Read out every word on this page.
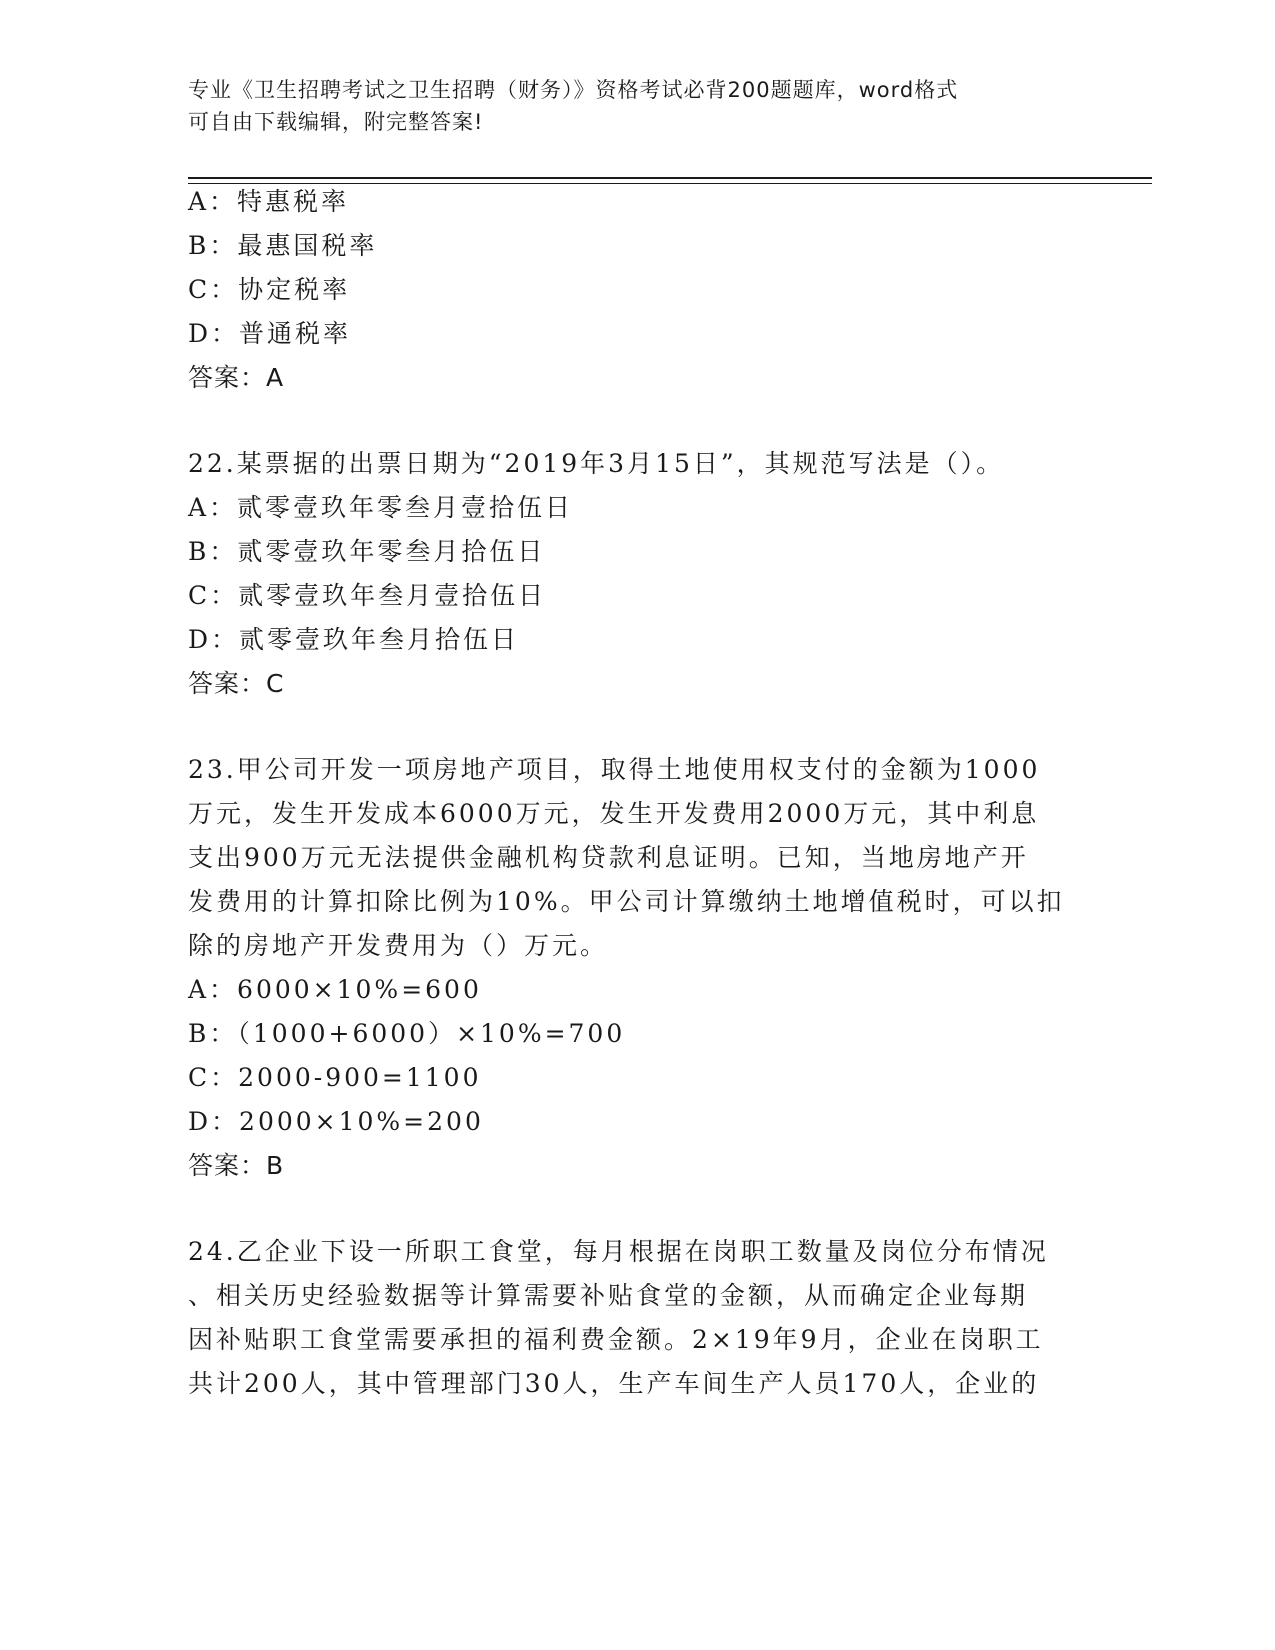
专业《卫生招聘考试之卫生招聘（财务）》资格考试必背200题题库，word格式
可自由下载编辑，附完整答案!
A：特惠税率
B：最惠国税率
C：协定税率
D：普通税率
答案：A
22.某票据的出票日期为“2019年3月15日”，其规范写法是（）。
A：贰零壹玖年零叁月壹拾伍日
B：贰零壹玖年零叁月拾伍日
C：贰零壹玖年叁月壹拾伍日
D：贰零壹玖年叁月拾伍日
答案：C
23.甲公司开发一项房地产项目，取得土地使用权支付的金额为1000
万元，发生开发成本6000万元，发生开发费用2000万元，其中利息
支出900万元无法提供金融机构贷款利息证明。已知，当地房地产开
发费用的计算扣除比例为10%。甲公司计算缴纳土地增值税时，可以扣
除的房地产开发费用为（）万元。
A：6000×10%=600
B：（1000+6000）×10%=700
C：2000-900=1100
D：2000×10%=200
答案：B
24.乙企业下设一所职工食堂，每月根据在岗职工数量及岗位分布情况
、相关历史经验数据等计算需要补贴食堂的金额，从而确定企业每期
因补贴职工食堂需要承担的福利费金额。2×19年9月，企业在岗职工
共计200人，其中管理部门30人，生产车间生产人员170人，企业的
